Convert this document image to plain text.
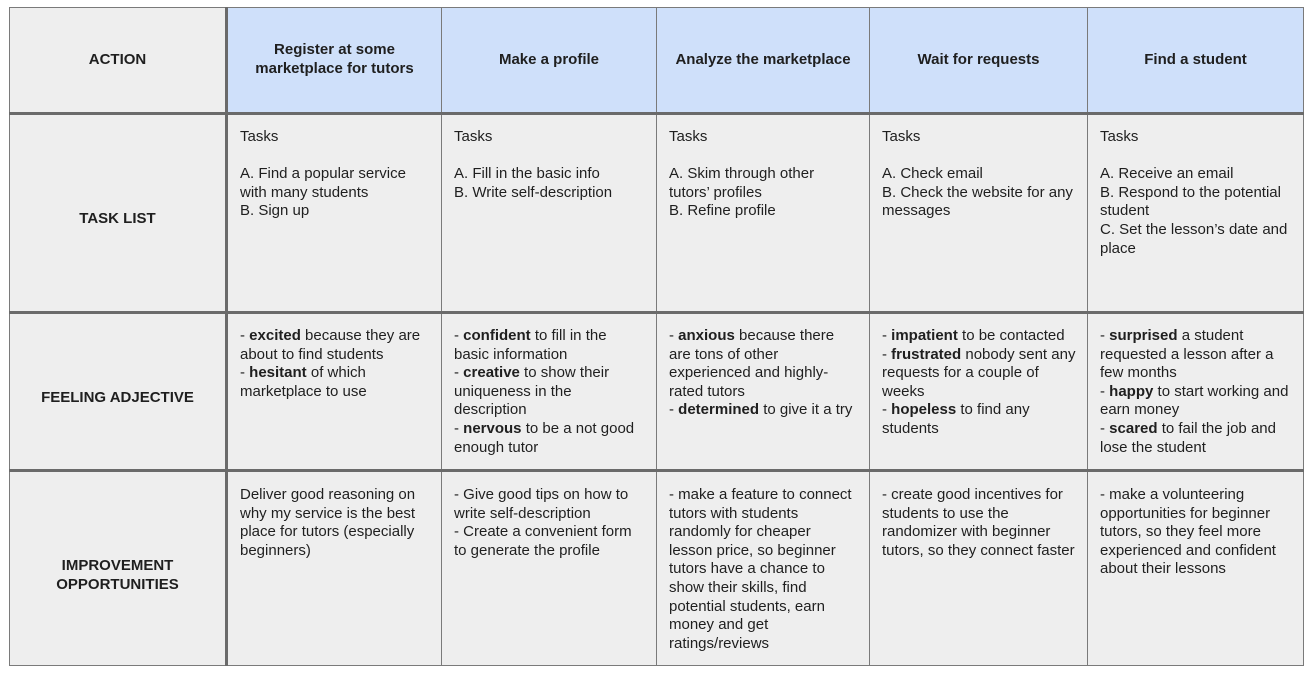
ACTION	Register at some marketplace for tutors	Make a profile	Analyze the marketplace	Wait for requests	Find a student
TASK LIST	Tasks
A. Find a popular service with many students
B. Sign up	Tasks
A. Fill in the basic info
B. Write self-description	Tasks
A. Skim through other tutors’ profiles
B. Refine profile	Tasks
A. Check email
B. Check the website for any messages	Tasks
A. Receive an email
B. Respond to the potential student
C. Set the lesson’s date and place

FEELING ADJECTIVE	- excited because they are about to find students
- hesitant of which marketplace to use	- confident to fill in the basic information
- creative to show their uniqueness in the description
- nervous to be a not good enough tutor	- anxious because there are tons of other experienced and highly-rated tutors
- determined to give it a try	- impatient to be contacted
- frustrated nobody sent any requests for a couple of weeks
- hopeless to find any students	- surprised a student requested a lesson after a few months
- happy to start working and earn money
- scared to fail the job and lose the student

IMPROVEMENT OPPORTUNITIES	Deliver good reasoning on why my service is the best place for tutors (especially beginners)	- Give good tips on how to write self-description
- Create a convenient form to generate the profile	- make a feature to connect tutors with students randomly for cheaper lesson price, so beginner tutors have a chance to show their skills, find potential students, earn money and get ratings/reviews	- create good incentives for students to use the randomizer with beginner tutors, so they connect faster	- make a volunteering opportunities for beginner tutors, so they feel more experienced and confident about their lessons
